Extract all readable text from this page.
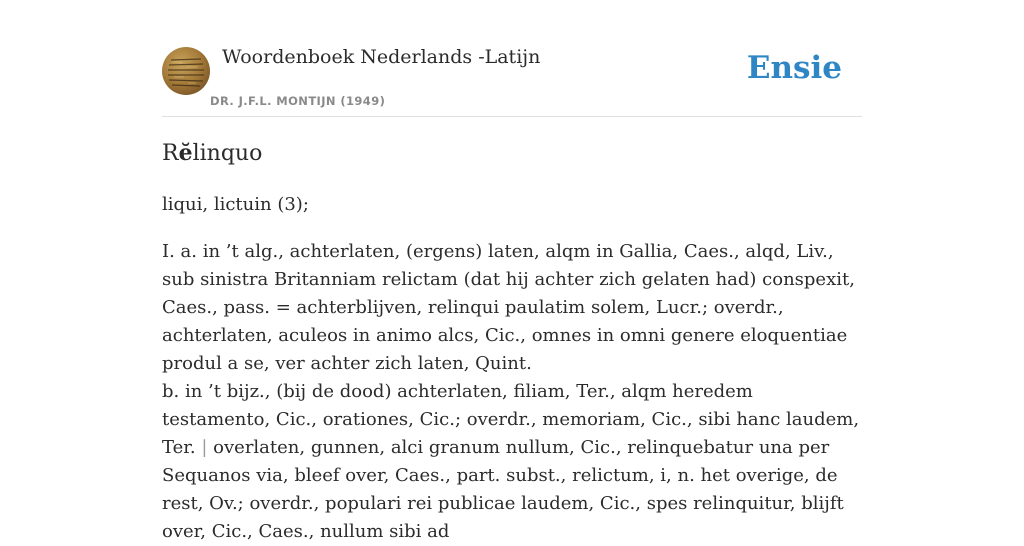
Woordenboek Nederlands -Latijn
DR. J.F.L. MONTIJN (1949)
Ensie
Rĕlinquo

liqui, lictuin (3);

I. a. in ’t alg., achterlaten, (ergens) laten, alqm in Gallia, Caes., alqd, Liv., sub sinistra Britanniam relictam (dat hij achter zich gelaten had) conspexit, Caes., pass. = achterblijven, relinqui paulatim solem, Lucr.; overdr., achterlaten, aculeos in animo alcs, Cic., omnes in omni genere eloquentiae produl a se, ver achter zich laten, Quint.

b. in ’t bijz., (bij de dood) achterlaten, filiam, Ter., alqm heredem testamento, Cic., orationes, Cic.; overdr., memoriam, Cic., sibi hanc laudem, Ter. | overlaten, gunnen, alci granum nullum, Cic., relinquebatur una per Sequanos via, bleef over, Caes., part. subst., relictum, i, n. het overige, de rest, Ov.; overdr., populari rei publicae laudem, Cic., spes relinquitur, blijft over, Cic., Caes., nullum sibi ad
